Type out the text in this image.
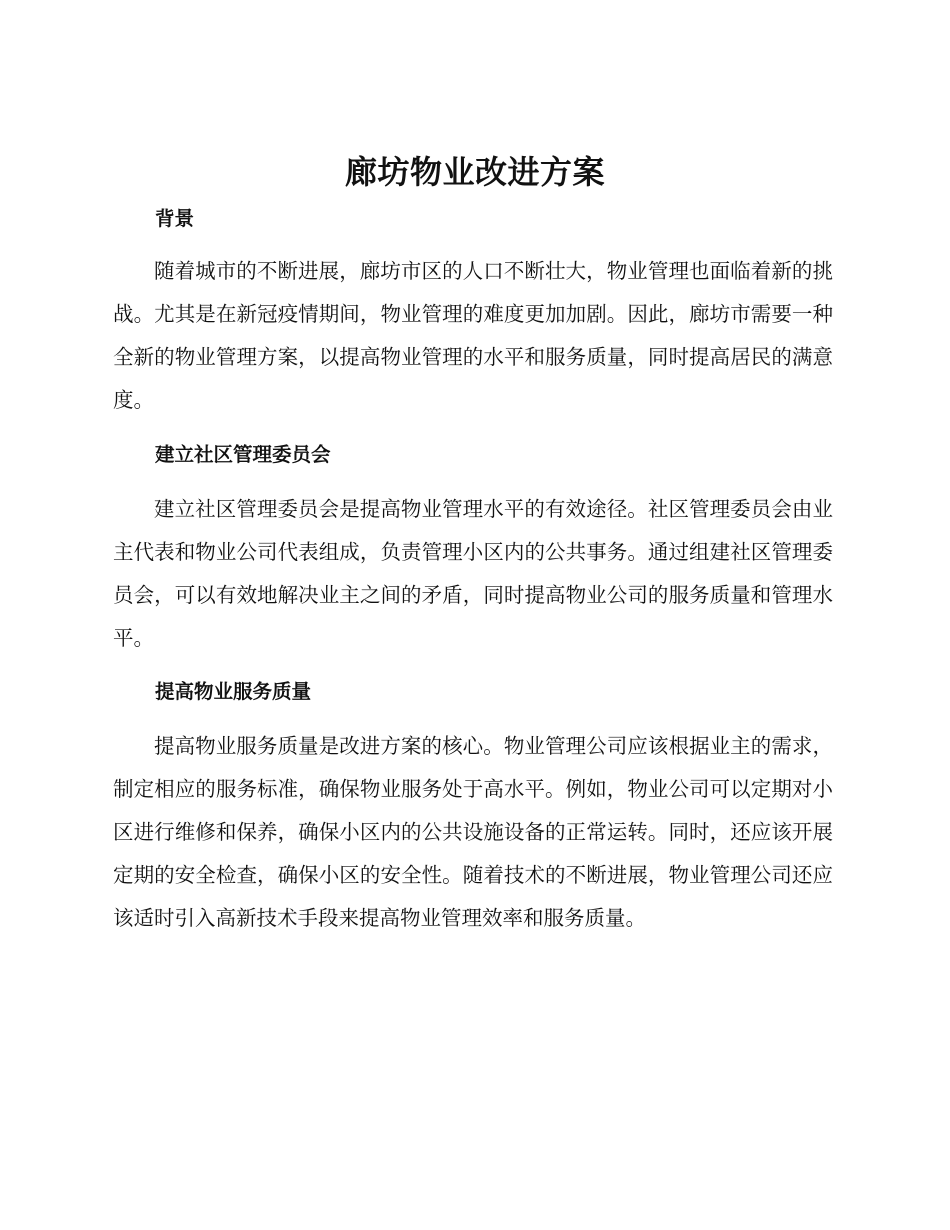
廊坊物业改进方案
背景
随着城市的不断进展，廊坊市区的人口不断壮大，物业管理也面临着新的挑战。尤其是在新冠疫情期间，物业管理的难度更加加剧。因此，廊坊市需要一种全新的物业管理方案，以提高物业管理的水平和服务质量，同时提高居民的满意度。
建立社区管理委员会
建立社区管理委员会是提高物业管理水平的有效途径。社区管理委员会由业主代表和物业公司代表组成，负责管理小区内的公共事务。通过组建社区管理委员会，可以有效地解决业主之间的矛盾，同时提高物业公司的服务质量和管理水平。
提高物业服务质量
提高物业服务质量是改进方案的核心。物业管理公司应该根据业主的需求，制定相应的服务标准，确保物业服务处于高水平。例如，物业公司可以定期对小区进行维修和保养，确保小区内的公共设施设备的正常运转。同时，还应该开展定期的安全检查，确保小区的安全性。随着技术的不断进展，物业管理公司还应该适时引入高新技术手段来提高物业管理效率和服务质量。
